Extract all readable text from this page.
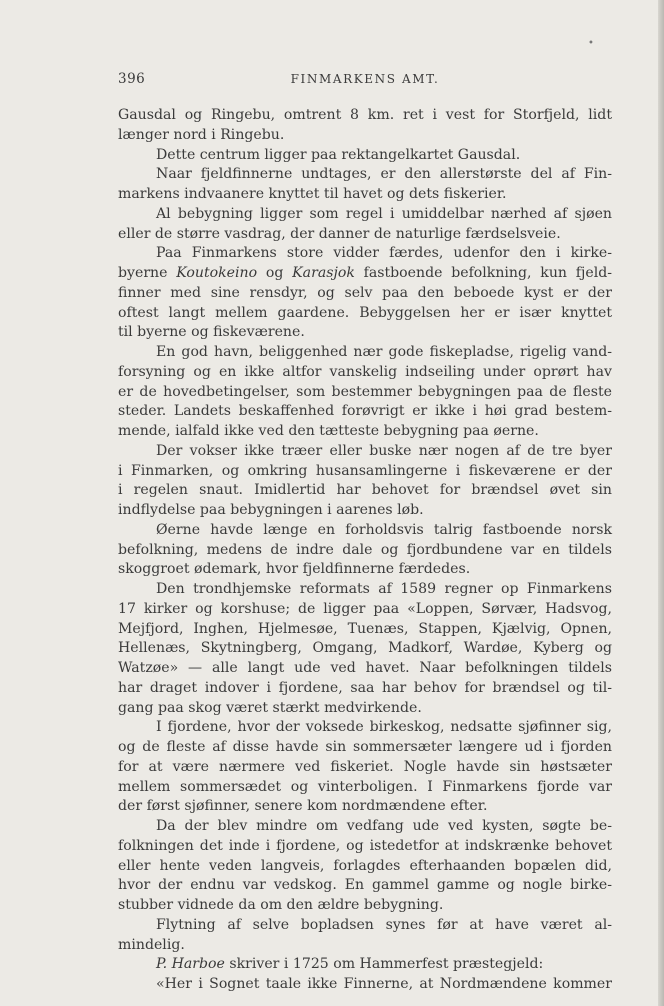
•
396	FINMARKENS AMT.
Gausdal og Ringebu, omtrent 8 km. ret i vest for Storfjeld, lidt
længer nord i Ringebu.
Dette centrum ligger paa rektangelkartet Gausdal.
Naar fjeldfinnerne undtages, er den allerstørste del af Fin-
markens indvaanere knyttet til havet og dets fiskerier.
Al bebygning ligger som regel i umiddelbar nærhed af sjøen
eller de større vasdrag, der danner de naturlige færdselsveie.
Paa Finmarkens store vidder færdes, udenfor den i kirke-
byerne Koutokeino og Karasjok fastboende befolkning, kun fjeld-
finner med sine rensdyr, og selv paa den beboede kyst er der
oftest langt mellem gaardene. Bebyggelsen her er især knyttet
til byerne og fiskeværene.
En god havn, beliggenhed nær gode fiskepladse, rigelig vand-
forsyning og en ikke altfor vanskelig indseiling under oprørt hav
er de hovedbetingelser, som bestemmer bebygningen paa de fleste
steder. Landets beskaffenhed forøvrigt er ikke i høi grad bestem-
mende, ialfald ikke ved den tætteste bebygning paa øerne.
Der vokser ikke træer eller buske nær nogen af de tre byer
i Finmarken, og omkring husansamlingerne i fiskeværene er der
i regelen snaut. Imidlertid har behovet for brændsel øvet sin
indflydelse paa bebygningen i aarenes løb.
Øerne havde længe en forholdsvis talrig fastboende norsk
befolkning, medens de indre dale og fjordbundene var en tildels
skoggroet ødemark, hvor fjeldfinnerne færdedes.
Den trondhjemske reformats af 1589 regner op Finmarkens
17 kirker og korshuse; de ligger paa «Loppen, Sørvær, Hadsvog,
Mejfjord, Inghen, Hjelmesøe, Tuenæs, Stappen, Kjælvig, Opnen,
Hellenæs, Skytningberg, Omgang, Madkorf, Wardøe, Kyberg og
Watzøe» — alle langt ude ved havet. Naar befolkningen tildels
har draget indover i fjordene, saa har behov for brændsel og til-
gang paa skog været stærkt medvirkende.
I fjordene, hvor der voksede birkeskog, nedsatte sjøfinner sig,
og de fleste af disse havde sin sommersæter længere ud i fjorden
for at være nærmere ved fiskeriet. Nogle havde sin høstsæter
mellem sommersædet og vinterboligen. I Finmarkens fjorde var
der først sjøfinner, senere kom nordmændene efter.
Da der blev mindre om vedfang ude ved kysten, søgte be-
folkningen det inde i fjordene, og istedetfor at indskrænke behovet
eller hente veden langveis, forlagdes efterhaanden bopælen did,
hvor der endnu var vedskog. En gammel gamme og nogle birke-
stubber vidnede da om den ældre bebygning.
Flytning af selve bopladsen synes før at have været al-
mindelig.
P. Harboe skriver i 1725 om Hammerfest præstegjeld:
«Her i Sognet taale ikke Finnerne, at Nordmændene kommer
